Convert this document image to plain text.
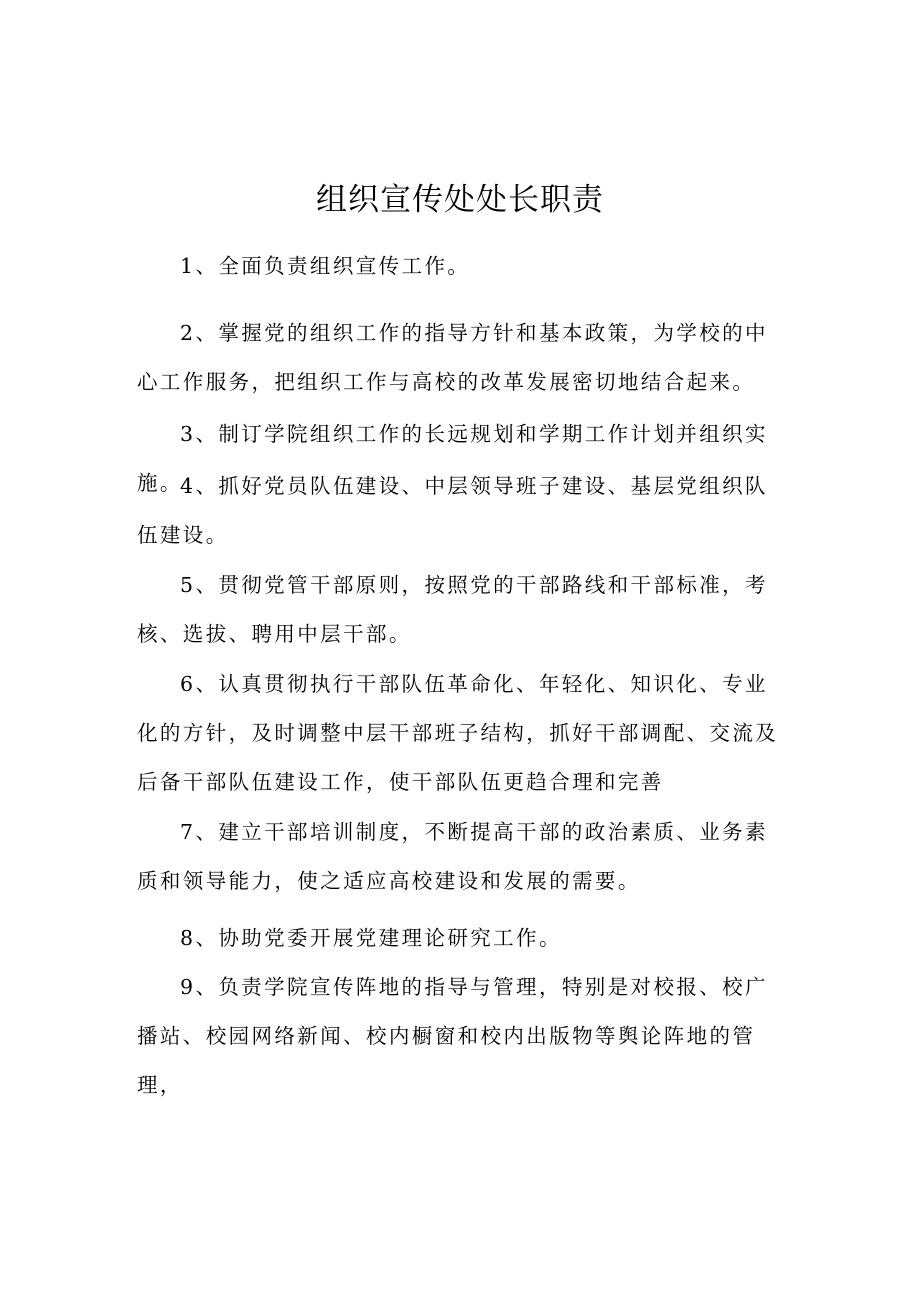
组织宣传处处长职责

1、全面负责组织宣传工作。

2、掌握党的组织工作的指导方针和基本政策，为学校的中心工作服务，把组织工作与高校的改革发展密切地结合起来。

3、制订学院组织工作的长远规划和学期工作计划并组织实施。

4、抓好党员队伍建设、中层领导班子建设、基层党组织队伍建设。

5、贯彻党管干部原则，按照党的干部路线和干部标准，考核、选拔、聘用中层干部。

6、认真贯彻执行干部队伍革命化、年轻化、知识化、专业化的方针，及时调整中层干部班子结构，抓好干部调配、交流及后备干部队伍建设工作，使干部队伍更趋合理和完善

7、建立干部培训制度，不断提高干部的政治素质、业务素质和领导能力，使之适应高校建设和发展的需要。

8、协助党委开展党建理论研究工作。

9、负责学院宣传阵地的指导与管理，特别是对校报、校广播站、校园网络新闻、校内橱窗和校内出版物等舆论阵地的管理，
